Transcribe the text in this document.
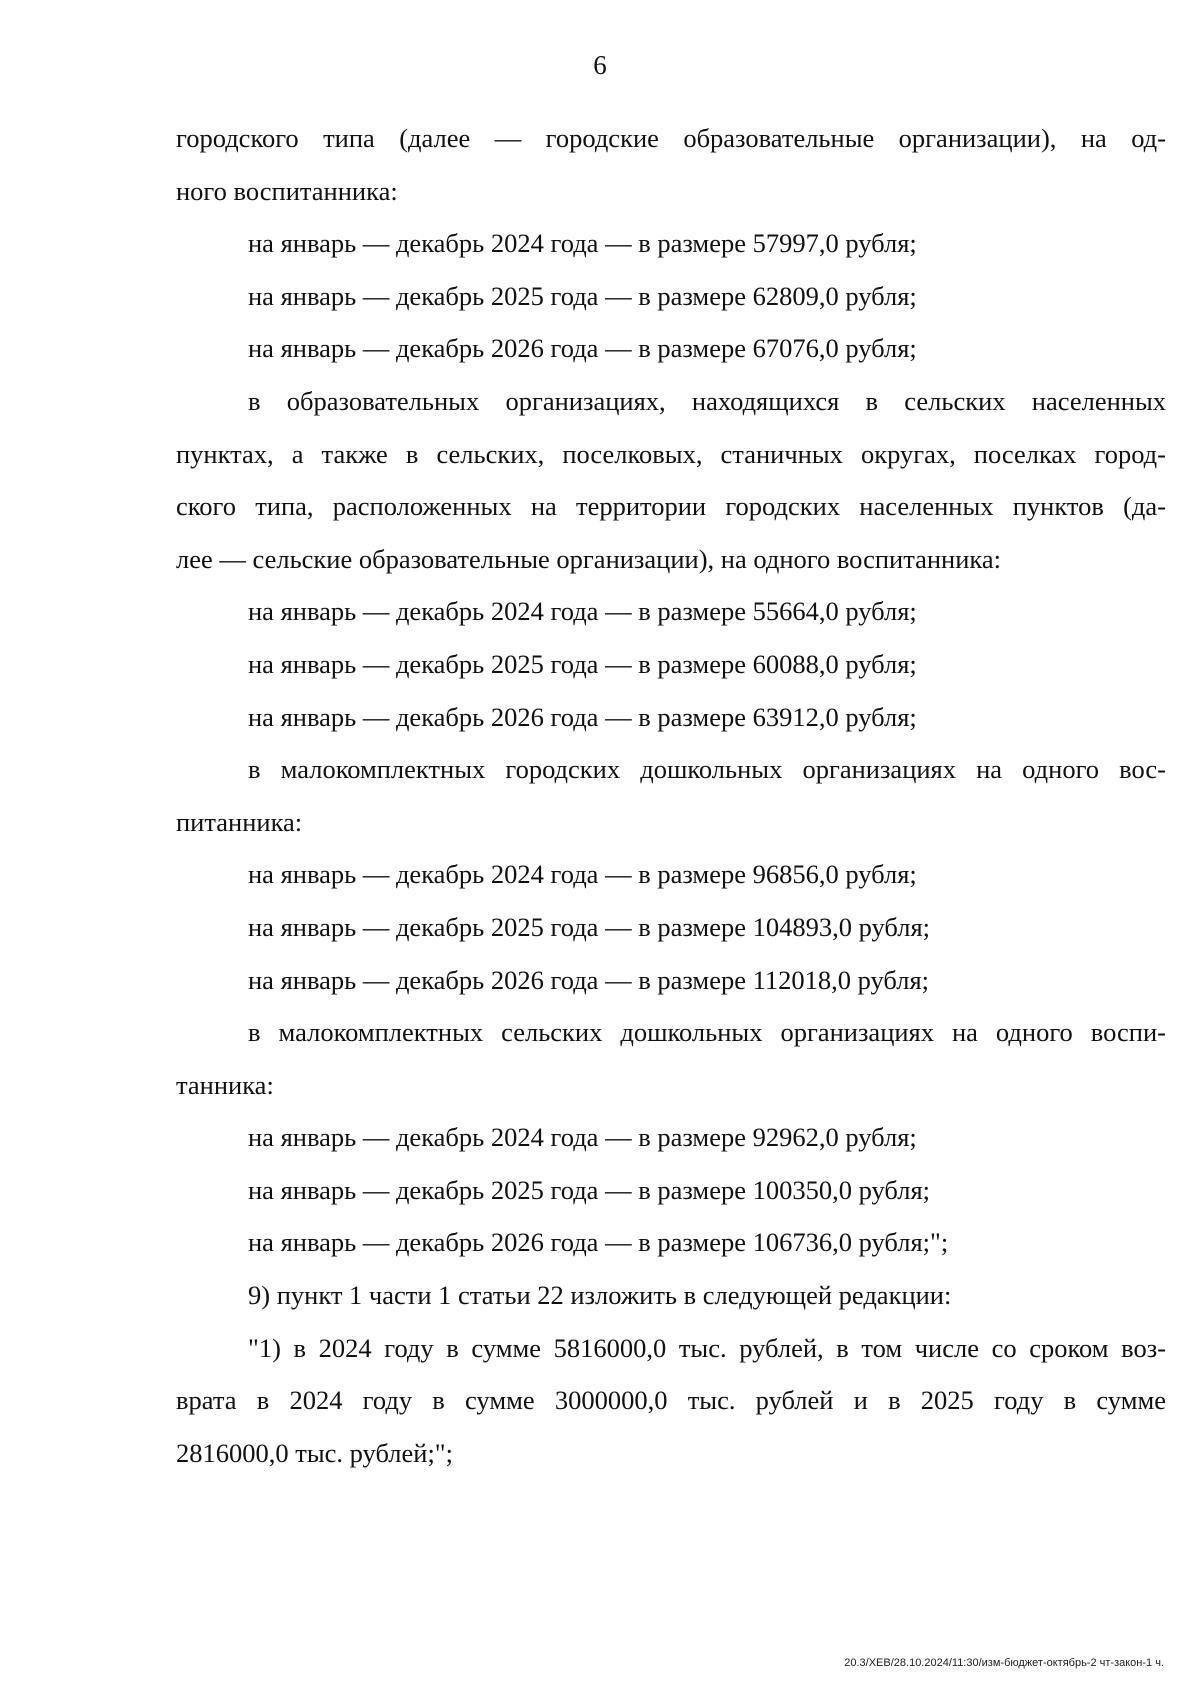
6
городского типа (далее — городские образовательные организации), на од-
ного воспитанника:
на январь — декабрь 2024 года — в размере 57997,0 рубля;
на январь — декабрь 2025 года — в размере 62809,0 рубля;
на январь — декабрь 2026 года — в размере 67076,0 рубля;
в образовательных организациях, находящихся в сельских населенных
пунктах, а также в сельских, поселковых, станичных округах, поселках город-
ского типа, расположенных на территории городских населенных пунктов (да-
лее — сельские образовательные организации), на одного воспитанника:
на январь — декабрь 2024 года — в размере 55664,0 рубля;
на январь — декабрь 2025 года — в размере 60088,0 рубля;
на январь — декабрь 2026 года — в размере 63912,0 рубля;
в малокомплектных городских дошкольных организациях на одного вос-
питанника:
на январь — декабрь 2024 года — в размере 96856,0 рубля;
на январь — декабрь 2025 года — в размере 104893,0 рубля;
на январь — декабрь 2026 года — в размере 112018,0 рубля;
в малокомплектных сельских дошкольных организациях на одного воспи-
танника:
на январь — декабрь 2024 года — в размере 92962,0 рубля;
на январь — декабрь 2025 года — в размере 100350,0 рубля;
на январь — декабрь 2026 года — в размере 106736,0 рубля;";
9) пункт 1 части 1 статьи 22 изложить в следующей редакции:
"1) в 2024 году в сумме 5816000,0 тыс. рублей, в том числе со сроком воз-
врата в 2024 году в сумме 3000000,0 тыс. рублей и в 2025 году в сумме
2816000,0 тыс. рублей;";
20.3/ХЕВ/28.10.2024/11:30/изм-бюджет-октябрь-2 чт-закон-1 ч.
